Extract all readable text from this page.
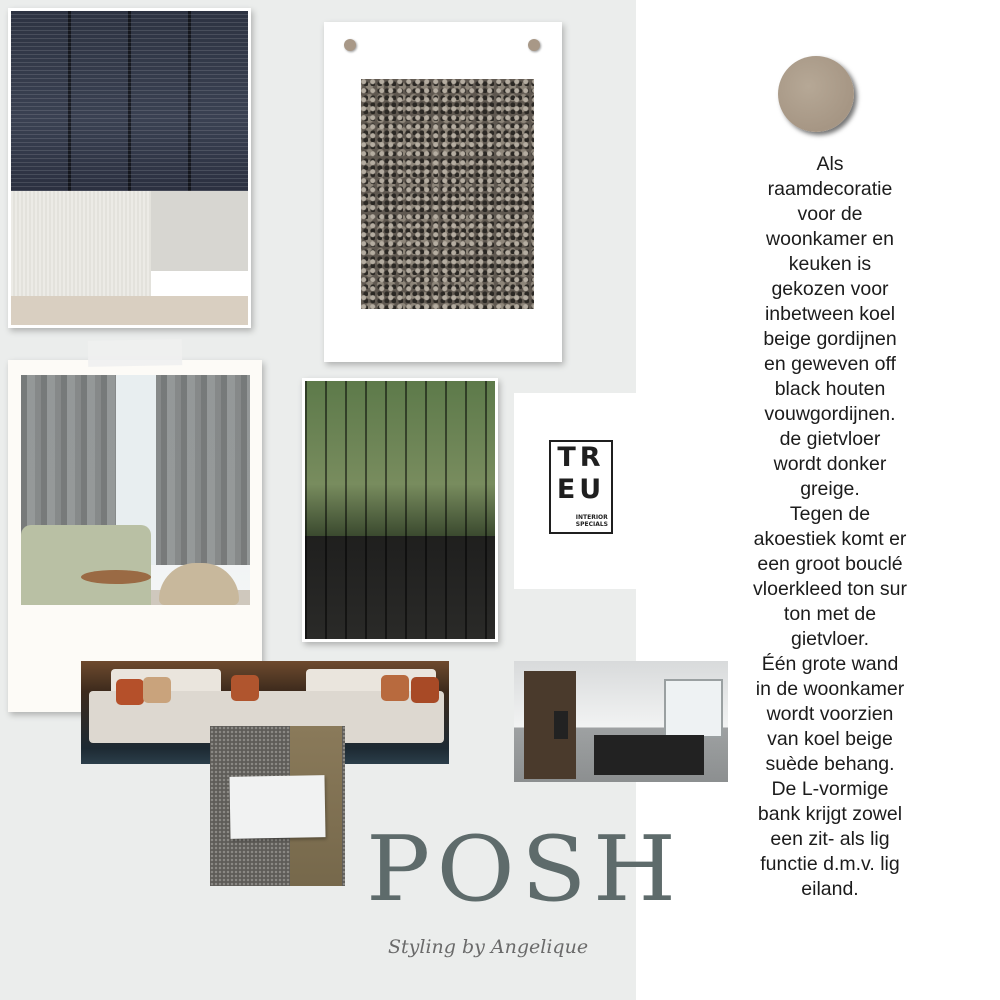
TR
EU
INTERIOR
SPECIALS
POSH
Styling by Angelique
Als
raamdecoratie
voor de
woonkamer en
keuken is
gekozen voor
inbetween koel
beige gordijnen
en geweven off
black houten
vouwgordijnen.
de gietvloer
wordt donker
greige.
Tegen de
akoestiek komt er
een groot bouclé
vloerkleed ton sur
ton met de
gietvloer.
Één grote wand
in de woonkamer
wordt voorzien
van koel beige
suède behang.
De L-vormige
bank krijgt zowel
een zit- als lig
functie d.m.v. lig
eiland.
